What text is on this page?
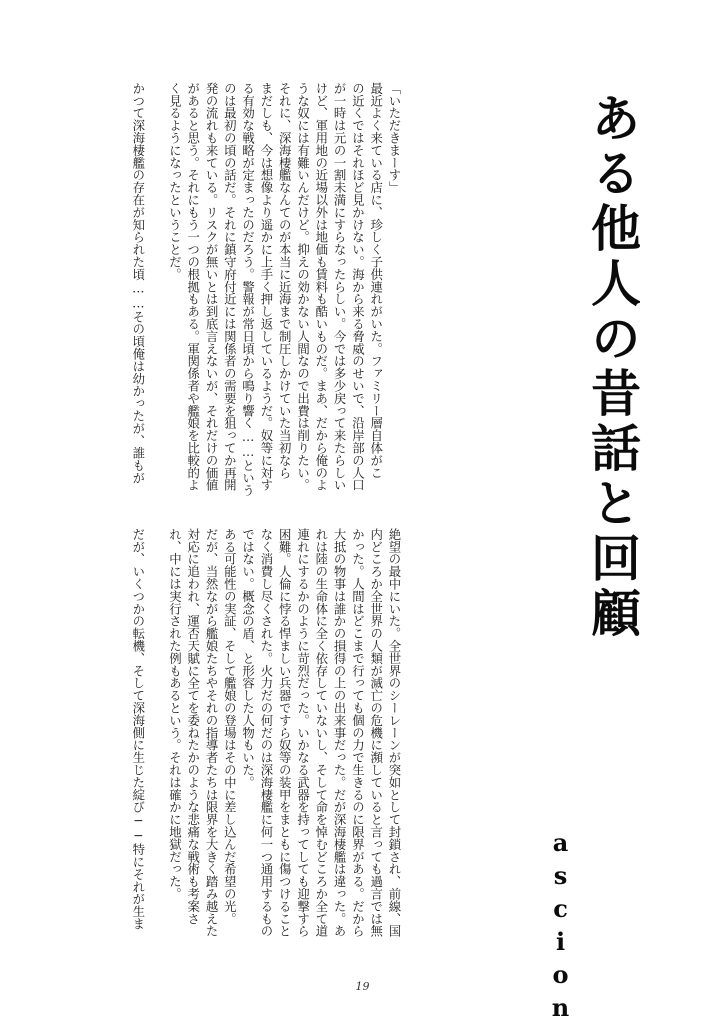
ある他人の昔話と回顧
ascion
「いただきまーす」
最近よく来ている店に、珍しく子供連れがいた。ファミリー層自体がこ
の近くではそれほど見かけない。海から来る脅威のせいで、沿岸部の人口
が一時は元の一割未満にすらなったらしい。今では多少戻って来たらしい
けど、軍用地の近場以外は地価も賃料も酷いものだ。まあ、だから俺のよ
うな奴には有難いんだけど。抑えの効かない人間なので出費は削りたい。
それに、深海棲艦なんてのが本当に近海まで制圧しかけていた当初なら
まだしも、今は想像より遥かに上手く押し返しているようだ。奴等に対す
る有効な戦略が定まったのだろう。警報が常日頃から鳴り響く……という
のは最初の頃の話だ。それに鎮守府付近には関係者の需要を狙ってか再開
発の流れも来ている。リスクが無いとは到底言えないが、それだけの価値
があると思う。それにもう一つの根拠もある。軍関係者や艦娘を比較的よ
く見るようになったということだ。
かつて深海棲艦の存在が知られた頃……その頃俺は幼かったが、誰もが
絶望の最中にいた。全世界のシーレーンが突如として封鎖され、前線、国
内どころか全世界の人類が滅亡の危機に瀕していると言っても過言では無
かった。人間はどこまで行っても個の力で生きるのに限界がある。だから
大抵の物事は誰かの損得の上の出来事だった。だが深海棲艦は違った。あ
れは陸の生命体に全く依存していないし、そして命を悼むどころか全て道
連れにするかのように苛烈だった。いかなる武器を持ってしても迎撃すら
困難。人倫に悖る悍ましい兵器ですら奴等の装甲をまともに傷つけること
なく消費し尽くされた。火力だの何だのは深海棲艦に何一つ通用するもの
ではない。概念の盾、と形容した人物もいた。
ある可能性の実証、そして艦娘の登場はその中に差し込んだ希望の光。
だが、当然ながら艦娘たちやそれの指導者たちは限界を大きく踏み越えた
対応に追われ、運否天賦に全てを委ねたかのような悲痛な戦術も考案さ
れ、中には実行された例もあるという。それは確かに地獄だった。
だが、いくつかの転機、そして深海側に生じた綻び──特にそれが生ま
19
